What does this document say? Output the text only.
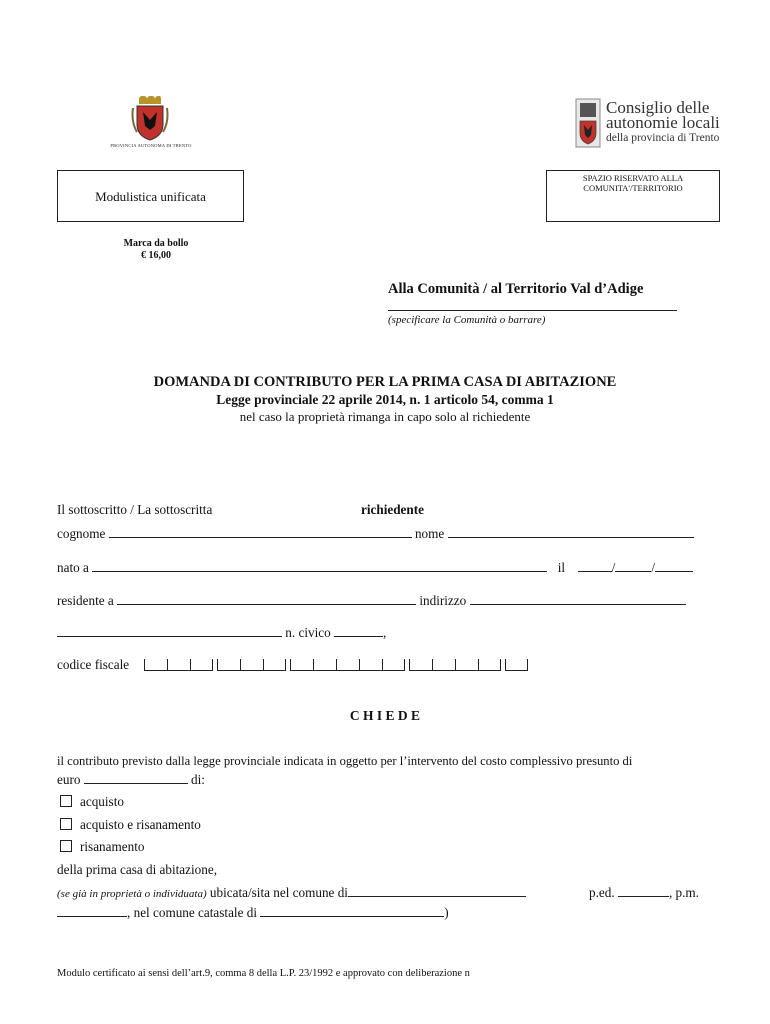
PROVINCIA AUTONOMA DI TRENTO
Consiglio delle
autonomie locali
della provincia di Trento
Modulistica unificata
SPAZIO RISERVATO ALLA
COMUNITA'/TERRITORIO
Marca da bollo
€ 16,00
Alla Comunità / al Territorio Val d’Adige
(specificare la Comunità o barrare)
DOMANDA DI CONTRIBUTO PER LA PRIMA CASA DI ABITAZIONE
Legge provinciale 22 aprile 2014, n. 1 articolo 54, comma 1
nel caso la proprietà rimanga in capo solo al richiedente
Il sottoscritto / La sottoscritta	richiedente
cognome	nome
nato a	il	/	/
residente a	indirizzo
n. civico	,
codice fiscale
C H I E D E
il contributo previsto dalla legge provinciale indicata in oggetto per l’intervento del costo complessivo presunto di
euro	di:
acquisto
acquisto e risanamento
risanamento
della prima casa di abitazione,
(se già in proprietà o individuata) ubicata/sita nel comune di	p.ed.	, p.m.
, nel comune catastale di	)
Modulo certificato ai sensi dell’art.9, comma 8 della L.P. 23/1992 e approvato con deliberazione n
